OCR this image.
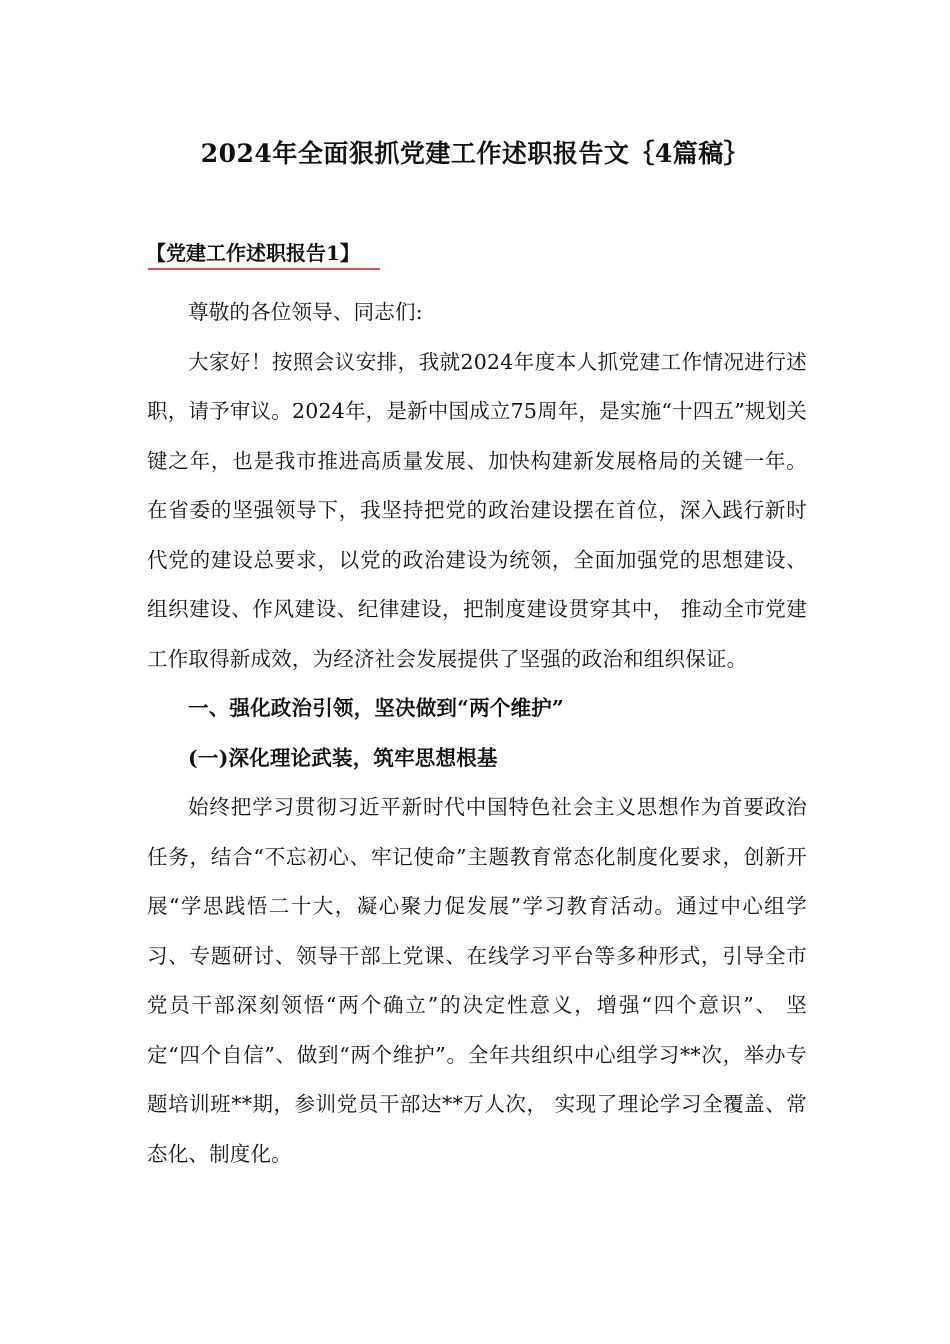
2024年全面狠抓党建工作述职报告文｛4篇稿｝
【党建工作述职报告1】

尊敬的各位领导、同志们:

大家好！按照会议安排，我就2024年度本人抓党建工作情况进行述职，请予审议。2024年，是新中国成立75周年，是实施“十四五”规划关键之年，也是我市推进高质量发展、加快构建新发展格局的关键一年。在省委的坚强领导下，我坚持把党的政治建设摆在首位，深入践行新时代党的建设总要求，以党的政治建设为统领，全面加强党的思想建设、组织建设、作风建设、纪律建设，把制度建设贯穿其中， 推动全市党建工作取得新成效，为经济社会发展提供了坚强的政治和组织保证。

一、强化政治引领，坚决做到“两个维护”

(一)深化理论武装，筑牢思想根基

始终把学习贯彻习近平新时代中国特色社会主义思想作为首要政治任务，结合“不忘初心、牢记使命”主题教育常态化制度化要求，创新开展“学思践悟二十大，凝心聚力促发展”学习教育活动。通过中心组学习、专题研讨、领导干部上党课、在线学习平台等多种形式，引导全市党员干部深刻领悟“两个确立”的决定性意义，增强“四个意识”、 坚定“四个自信”、做到“两个维护”。全年共组织中心组学习**次，举办专题培训班**期，参训党员干部达**万人次， 实现了理论学习全覆盖、常态化、制度化。
